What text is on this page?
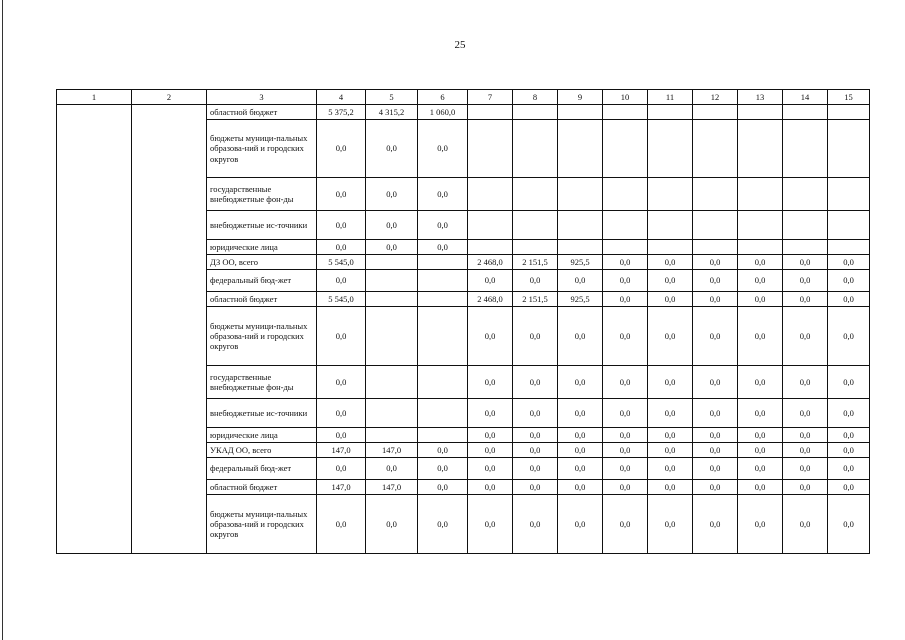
25
1	2	3	4	5	6	7	8	9	10	11	12	13	14	15
		областной бюджет	5 375,2	4 315,2	1 060,0									
		бюджеты муници-пальных образова-ний и городских округов	0,0	0,0	0,0									
		государственные внебюджетные фон-ды	0,0	0,0	0,0									
		внебюджетные ис-точники	0,0	0,0	0,0									
		юридические лица	0,0	0,0	0,0									
		ДЗ ОО, всего	5 545,0			2 468,0	2 151,5	925,5	0,0	0,0	0,0	0,0	0,0	0,0
		федеральный бюд-жет	0,0			0,0	0,0	0,0	0,0	0,0	0,0	0,0	0,0	0,0
		областной бюджет	5 545,0			2 468,0	2 151,5	925,5	0,0	0,0	0,0	0,0	0,0	0,0
		бюджеты муници-пальных образова-ний и городских округов	0,0			0,0	0,0	0,0	0,0	0,0	0,0	0,0	0,0	0,0
		государственные внебюджетные фон-ды	0,0			0,0	0,0	0,0	0,0	0,0	0,0	0,0	0,0	0,0
		внебюджетные ис-точники	0,0			0,0	0,0	0,0	0,0	0,0	0,0	0,0	0,0	0,0
		юридические лица	0,0			0,0	0,0	0,0	0,0	0,0	0,0	0,0	0,0	0,0
		УКАД ОО, всего	147,0	147,0	0,0	0,0	0,0	0,0	0,0	0,0	0,0	0,0	0,0	0,0
		федеральный бюд-жет	0,0	0,0	0,0	0,0	0,0	0,0	0,0	0,0	0,0	0,0	0,0	0,0
		областной бюджет	147,0	147,0	0,0	0,0	0,0	0,0	0,0	0,0	0,0	0,0	0,0	0,0
		бюджеты муници-пальных образова-ний и городских округов	0,0	0,0	0,0	0,0	0,0	0,0	0,0	0,0	0,0	0,0	0,0	0,0
